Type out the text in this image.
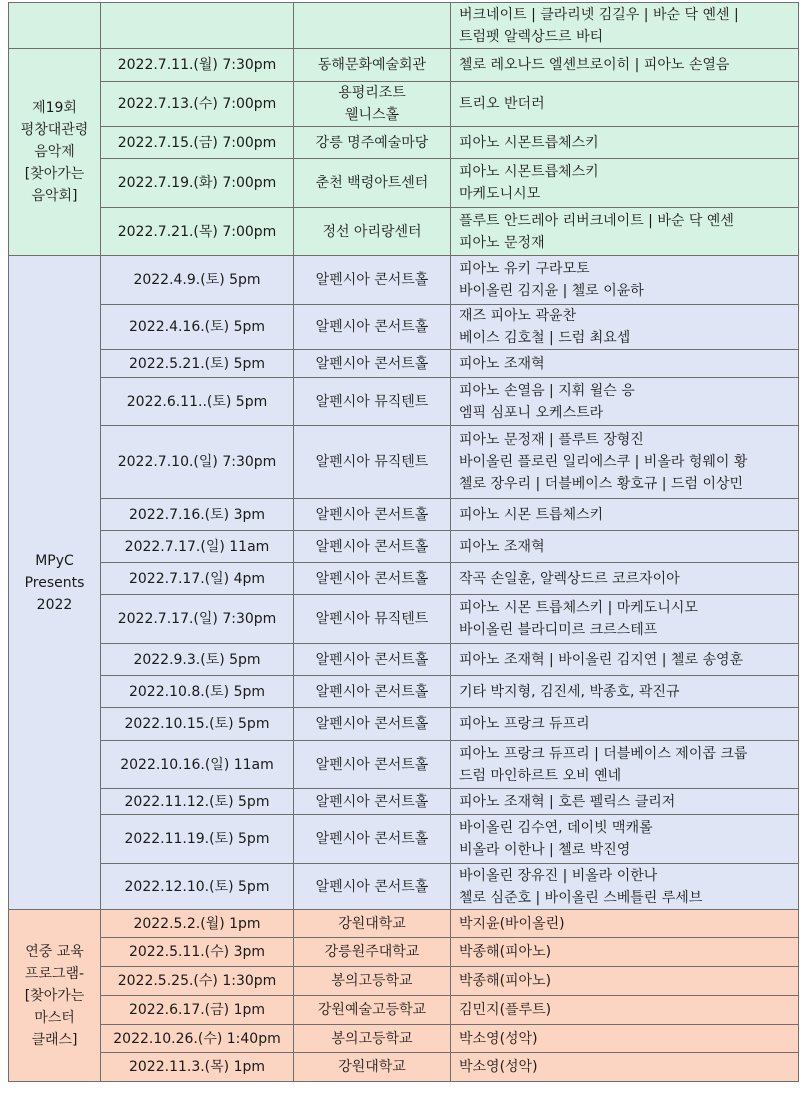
			버크네이트 | 클라리넷 김길우 | 바순 닥 옌센 |
트럼펫 알렉상드르 바티

제19회
평창대관령
음악제
[찾아가는
음악회]	2022.7.11.(월) 7:30pm	동해문화예술회관	첼로 레오나드 엘셴브로이히 | 피아노 손열음

	2022.7.13.(수) 7:00pm	용평리조트
웰니스홀	트리오 반더러

	2022.7.15.(금) 7:00pm	강릉 명주예술마당	피아노 시몬트릅체스키

	2022.7.19.(화) 7:00pm	춘천 백령아트센터	피아노 시몬트릅체스키
마케도니시모

	2022.7.21.(목) 7:00pm	정선 아리랑센터	플루트 안드레아 리버크네이트 | 바순 닥 옌센
피아노 문정재

MPyC
Presents
2022	2022.4.9.(토) 5pm	알펜시아 콘서트홀	피아노 유키 구라모토
바이올린 김지윤 | 첼로 이윤하

	2022.4.16.(토) 5pm	알펜시아 콘서트홀	재즈 피아노 곽윤찬
베이스 김호철 | 드럼 최요셉

	2022.5.21.(토) 5pm	알펜시아 콘서트홀	피아노 조재혁

	2022.6.11..(토) 5pm	알펜시아 뮤직텐트	피아노 손열음 | 지휘 윌슨 응
엠픽 심포니 오케스트라

	2022.7.10.(일) 7:30pm	알펜시아 뮤직텐트	피아노 문정재 | 플루트 장형진
바이올린 플로린 일리에스쿠 | 비올라 헝웨이 황
첼로 장우리 | 더블베이스 황호규 | 드럼 이상민

	2022.7.16.(토) 3pm	알펜시아 콘서트홀	피아노 시몬 트릅체스키

	2022.7.17.(일) 11am	알펜시아 콘서트홀	피아노 조재혁

	2022.7.17.(일) 4pm	알펜시아 콘서트홀	작곡 손일훈, 알렉상드르 코르자이아

	2022.7.17.(일) 7:30pm	알펜시아 뮤직텐트	피아노 시몬 트릅체스키 | 마케도니시모
바이올린 블라디미르 크르스테프

	2022.9.3.(토) 5pm	알펜시아 콘서트홀	피아노 조재혁 | 바이올린 김지연 | 첼로 송영훈

	2022.10.8.(토) 5pm	알펜시아 콘서트홀	기타 박지형, 김진세, 박종호, 곽진규

	2022.10.15.(토) 5pm	알펜시아 콘서트홀	피아노 프랑크 듀프리

	2022.10.16.(일) 11am	알펜시아 콘서트홀	피아노 프랑크 듀프리 | 더블베이스 제이콥 크룹
드럼 마인하르트 오비 옌네

	2022.11.12.(토) 5pm	알펜시아 콘서트홀	피아노 조재혁 | 호른 펠릭스 클리저

	2022.11.19.(토) 5pm	알펜시아 콘서트홀	바이올린 김수연, 데이빗 맥캐롤
비올라 이한나 | 첼로 박진영

	2022.12.10.(토) 5pm	알펜시아 콘서트홀	바이올린 장유진 | 비올라 이한나
첼로 심준호 | 바이올린 스베틀린 루세브

연중 교육
프로그램-
[찾아가는
마스터
클래스]	2022.5.2.(월) 1pm	강원대학교	박지윤(바이올린)

	2022.5.11.(수) 3pm	강릉원주대학교	박종해(피아노)

	2022.5.25.(수) 1:30pm	봉의고등학교	박종해(피아노)

	2022.6.17.(금) 1pm	강원예술고등학교	김민지(플루트)

	2022.10.26.(수) 1:40pm	봉의고등학교	박소영(성악)

	2022.11.3.(목) 1pm	강원대학교	박소영(성악)
